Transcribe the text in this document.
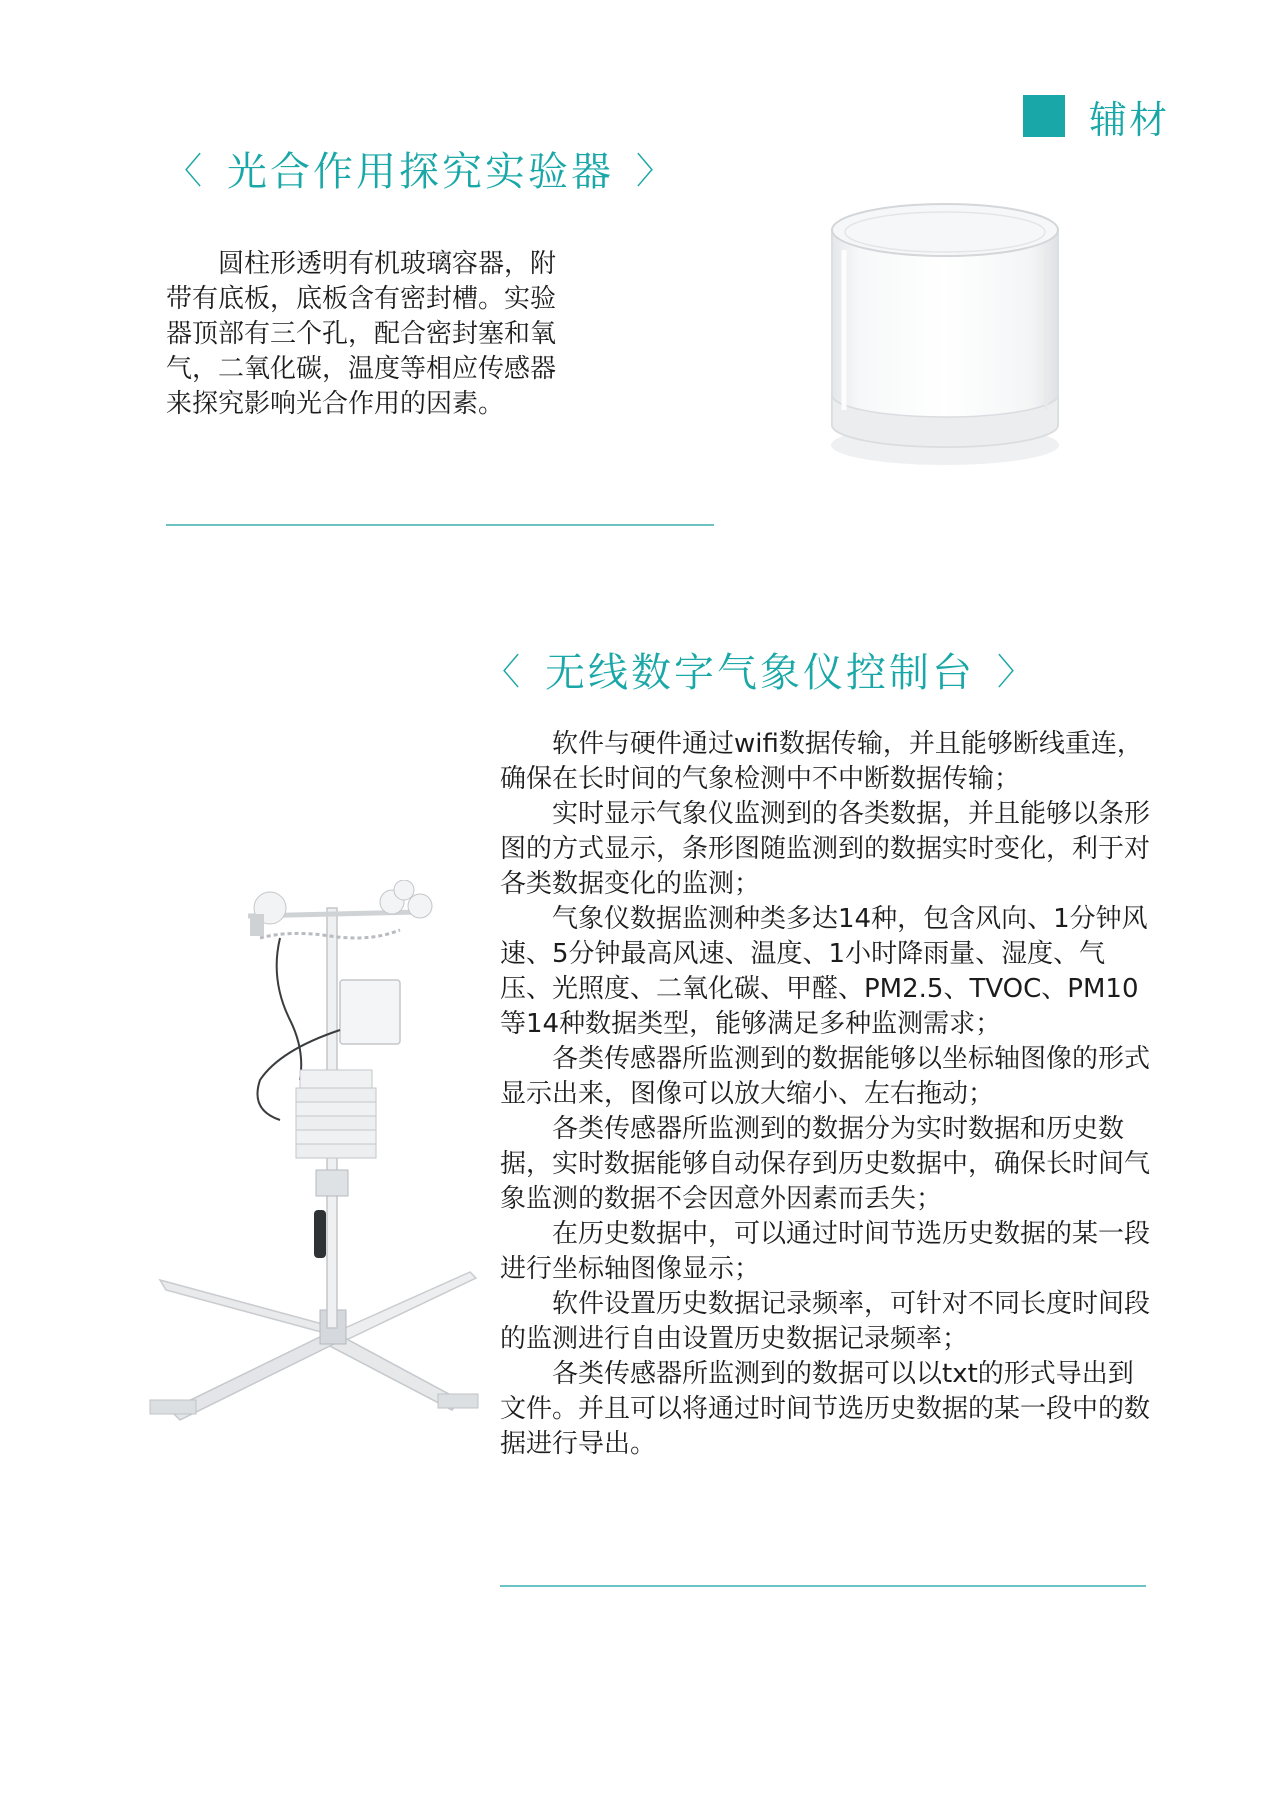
辅材
〈 光合作用探究实验器 〉

圆柱形透明有机玻璃容器，附带有底板，底板含有密封槽。实验器顶部有三个孔，配合密封塞和氧气，二氧化碳，温度等相应传感器来探究影响光合作用的因素。

〈 无线数字气象仪控制台 〉

软件与硬件通过wifi数据传输，并且能够断线重连，确保在长时间的气象检测中不中断数据传输；

实时显示气象仪监测到的各类数据，并且能够以条形图的方式显示，条形图随监测到的数据实时变化，利于对各类数据变化的监测；

气象仪数据监测种类多达14种，包含风向、1分钟风速、5分钟最高风速、温度、1小时降雨量、湿度、气压、光照度、二氧化碳、甲醛、PM2.5、TVOC、PM10等14种数据类型，能够满足多种监测需求；

各类传感器所监测到的数据能够以坐标轴图像的形式显示出来，图像可以放大缩小、左右拖动；

各类传感器所监测到的数据分为实时数据和历史数据，实时数据能够自动保存到历史数据中，确保长时间气象监测的数据不会因意外因素而丢失；

在历史数据中，可以通过时间节选历史数据的某一段进行坐标轴图像显示；

软件设置历史数据记录频率，可针对不同长度时间段的监测进行自由设置历史数据记录频率；

各类传感器所监测到的数据可以以txt的形式导出到文件。并且可以将通过时间节选历史数据的某一段中的数据进行导出。
